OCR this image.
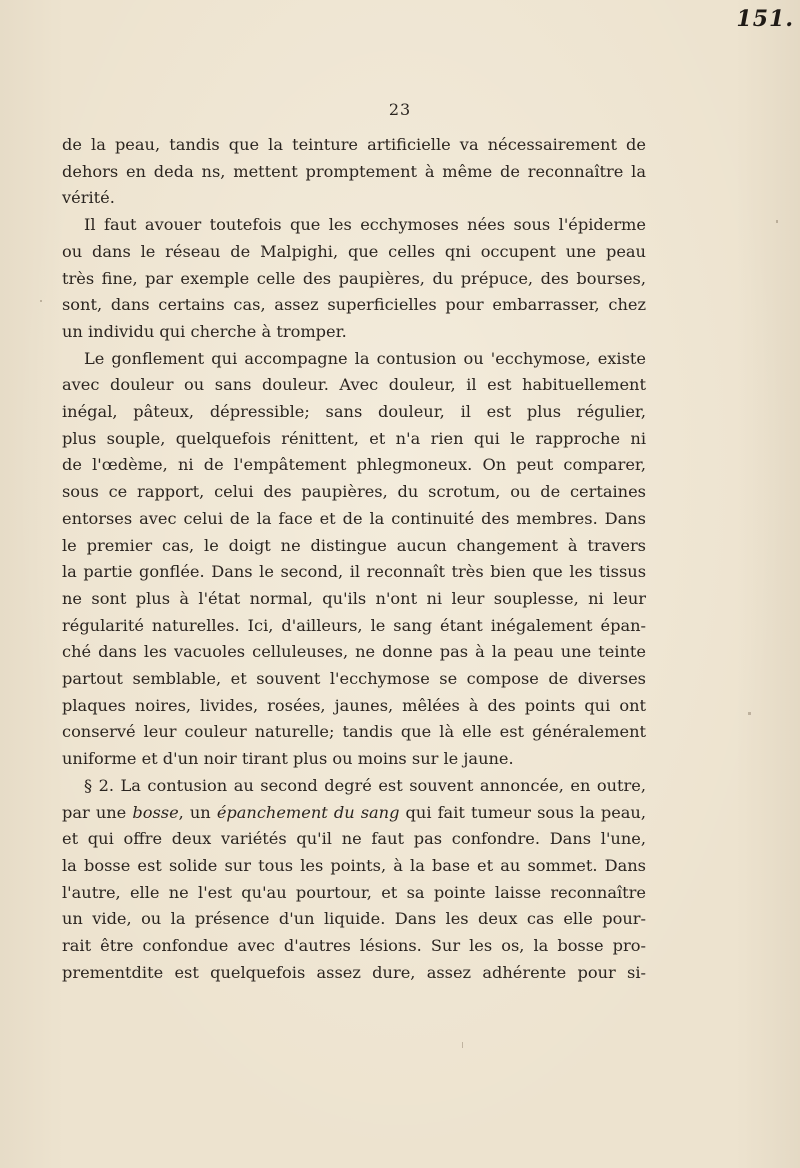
151.
23
de la peau, tandis que la teinture artificielle va nécessairement de
dehors en deda ns, mettent promptement à même de reconnaître la
vérité.
Il faut avouer toutefois que les ecchymoses nées sous l'épiderme
ou dans le réseau de Malpighi, que celles qni occupent une peau
très fine, par exemple celle des paupières, du prépuce, des bourses,
sont, dans certains cas, assez superficielles pour embarrasser, chez
un individu qui cherche à tromper.
Le gonflement qui accompagne la contusion ou 'ecchymose, existe
avec douleur ou sans douleur. Avec douleur, il est habituellement
inégal, pâteux, dépressible; sans douleur, il est plus régulier,
plus souple, quelquefois rénittent, et n'a rien qui le rapproche ni
de l'œdème, ni de l'empâtement phlegmoneux. On peut comparer,
sous ce rapport, celui des paupières, du scrotum, ou de certaines
entorses avec celui de la face et de la continuité des membres. Dans
le premier cas, le doigt ne distingue aucun changement à travers
la partie gonflée. Dans le second, il reconnaît très bien que les tissus
ne sont plus à l'état normal, qu'ils n'ont ni leur souplesse, ni leur
régularité naturelles. Ici, d'ailleurs, le sang étant inégalement épan-
ché dans les vacuoles celluleuses, ne donne pas à la peau une teinte
partout semblable, et souvent l'ecchymose se compose de diverses
plaques noires, livides, rosées, jaunes, mêlées à des points qui ont
conservé leur couleur naturelle; tandis que là elle est généralement
uniforme et d'un noir tirant plus ou moins sur le jaune.
§ 2. La contusion au second degré est souvent annoncée, en outre,
par une bosse, un épanchement du sang qui fait tumeur sous la peau,
et qui offre deux variétés qu'il ne faut pas confondre. Dans l'une,
la bosse est solide sur tous les points, à la base et au sommet. Dans
l'autre, elle ne l'est qu'au pourtour, et sa pointe laisse reconnaître
un vide, ou la présence d'un liquide. Dans les deux cas elle pour-
rait être confondue avec d'autres lésions. Sur les os, la bosse pro-
prementdite est quelquefois assez dure, assez adhérente pour si-
